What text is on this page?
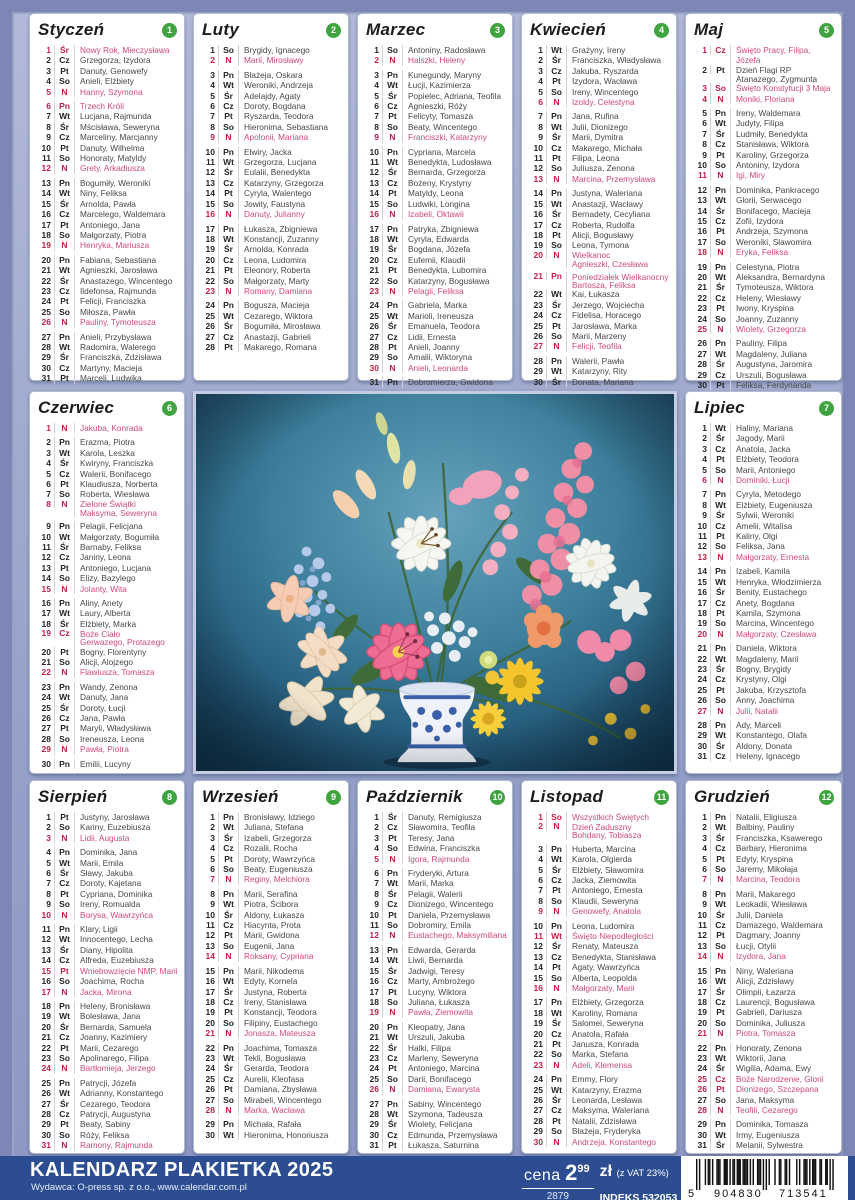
Styczeń	1
1	Śr	Nowy Rok, Mieczysława
2 Cz	Grzegorza, Izydora
3	Pt	Danuty, Genowefy
4 So	Anieli, Elżbiety
5	N	Hanny, Szymona
6 Pn	Trzech Króli
7 Wt	Lucjana, Rajmunda
8	Śr	Mścisława, Seweryna
9 Cz	Marceliny, Marcjanny
10	Pt	Danuty, Wilhelma
11 So	Honoraty, Matyldy
12	N	Grety, Arkadiusza
13 Pn	Bogumiły, Weroniki
14 Wt	Niny, Feliksa
15	Śr	Arnolda, Pawła
16 Cz	Marcelego, Waldemara
17	Pt	Antoniego, Jana
18 So	Małgorzaty, Piotra
19	N	Henryka, Mariusza
20 Pn	Fabiana, Sebastiana
21 Wt	Agnieszki, Jarosława
22	Śr	Anastazego, Wincentego
23 Cz	Ildefonsa, Rajmunda
24	Pt	Felicji, Franciszka
25 So	Miłosza, Pawła
26	N	Pauliny, Tymoteusza
27 Pn	Anieli, Przybysława
28 Wt	Radomira, Walerego
29	Śr	Franciszka, Zdzisława
30 Cz	Martyny, Macieja
31	Pt	Marceli, Ludwika
Luty	2
1 So	Brygidy, Ignacego
2	N	Marii, Mirosławy
3 Pn	Błażeja, Oskara
4 Wt	Weroniki, Andrzeja
5	Śr	Adelajdy, Agaty
6 Cz	Doroty, Bogdana
7	Pt	Ryszarda, Teodora
8 So	Hieronima, Sebastiana
9	N	Apolonii, Mariana
10 Pn	Elwiry, Jacka
11 Wt	Grzegorza, Lucjana
12	Śr	Eulalii, Benedykta
13 Cz	Katarzyny, Grzegorza
14	Pt	Cyryla, Walentego
15 So	Jowity, Faustyna
16	N	Danuty, Julianny
17 Pn	Łukasza, Zbigniewa
18 Wt	Konstancji, Zuzanny
19	Śr	Arnolda, Konrada
20 Cz	Leona, Ludomira
21	Pt	Eleonory, Roberta
22 So	Małgorzaty, Marty
23	N	Romany, Damiana
24 Pn	Bogusza, Macieja
25 Wt	Cezarego, Wiktora
26	Śr	Bogumiła, Mirosława
27 Cz	Anastazji, Gabrieli
28	Pt	Makarego, Romana
Marzec	3
1 So	Antoniny, Radosława
2	N	Halszki, Heleny
3 Pn	Kunegundy, Maryny
4 Wt	Łucji, Kazimierza
5	Śr	Popielec, Adriana, Teofila
6 Cz	Agnieszki, Róży
7	Pt	Felicyty, Tomasza
8 So	Beaty, Wincentego
9	N	Franciszki, Katarzyny
10 Pn	Cypriana, Marcela
11 Wt	Benedykta, Ludosława
12	Śr	Bernarda, Grzegorza
13 Cz	Bożeny, Krystyny
14	Pt	Matyldy, Leona
15 So	Ludwiki, Longina
16	N	Izabeli, Oktawii
17 Pn	Patryka, Zbigniewa
18 Wt	Cyryla, Edwarda
19	Śr	Bogdana, Józefa
20 Cz	Eufemii, Klaudii
21	Pt	Benedykta, Lubomira
22 So	Katarzyny, Bogusława
23	N	Pelagii, Feliksa
24 Pn	Gabriela, Marka
25 Wt	Marioli, Ireneusza
26	Śr	Emanuela, Teodora
27 Cz	Lidii, Ernesta
28	Pt	Anieli, Joanny
29 So	Amalii, Wiktoryna
30	N	Anieli, Leonarda
31 Pn	Dobromierza, Gwidona
Kwiecień	4
1 Wt	Grażyny, Ireny
2	Śr	Franciszka, Władysława
3 Cz	Jakuba, Ryszarda
4	Pt	Izydora, Wacława
5 So	Ireny, Wincentego
6	N	Izoldy, Celestyna
7 Pn	Jana, Rufina
8 Wt	Julii, Dionizego
9	Śr	Marii, Dymitra
10 Cz	Makarego, Michała
11	Pt	Filipa, Leona
12 So	Juliusza, Zenona
13	N	Marcina, Przemysława
14 Pn	Justyna, Waleriana
15 Wt	Anastazji, Wacławy
16	Śr	Bernadety, Cecyliana
17 Cz	Roberta, Rudolfa
18	Pt	Alicji, Bogusławy
19 So	Leona, Tymona
20	N	Wielkanoc
Agnieszki, Czesława
21 Pn	Poniedziałek Wielkanocny
Bartosza, Feliksa
22 Wt	Kai, Łukasza
23	Śr	Jerzego, Wojciecha
24 Cz	Fidelisa, Horacego
25	Pt	Jarosława, Marka
26 So	Marii, Marzeny
27	N	Felicji, Teofila
28 Pn	Walerii, Pawła
29 Wt	Katarzyny, Rity
30	Śr	Donata, Mariana
Maj	5
1 Cz	Święto Pracy, Filipa, Józefa
2	Pt	Dzień Flagi RP
Atanazego, Zygmunta
3 So	Święto Konstytucji 3 Maja
4	N	Moniki, Floriana
5 Pn	Ireny, Waldemara
6 Wt	Judyty, Filipa
7	Śr	Ludmiły, Benedykta
8 Cz	Stanisława, Wiktora
9	Pt	Karoliny, Grzegorza
10 So	Antoniny, Izydora
11	N	Igi, Miry
12 Pn	Dominika, Pankracego
13 Wt	Glorii, Serwacego
14	Śr	Bonifacego, Macieja
15 Cz	Zofii, Izydora
16	Pt	Andrzeja, Szymona
17 So	Weroniki, Sławomira
18	N	Eryka, Feliksa
19 Pn	Celestyna, Piotra
20 Wt	Aleksandra, Bernardyna
21	Śr	Tymoteusza, Wiktora
22 Cz	Heleny, Wiesławy
23	Pt	Iwony, Kryspina
24 So	Joanny, Zuzanny
25	N	Wiolety, Grzegorza
26 Pn	Pauliny, Filipa
27 Wt	Magdaleny, Juliana
28	Śr	Augustyna, Jaromira
29 Cz	Urszuli, Bogusława
30	Pt	Feliksa, Ferdynanda
Czerwiec	6
1	N	Jakuba, Konrada
2 Pn	Erazma, Piotra
3 Wt	Karola, Leszka
4	Śr	Kwiryny, Franciszka
5 Cz	Walerii, Bonifacego
6	Pt	Klaudiusza, Norberta
7 So	Roberta, Wiesława
8	N	Zielone Świątki
Maksyma, Seweryna
9 Pn	Pelagii, Felicjana
10 Wt	Małgorzaty, Bogumiła
11	Śr	Barnaby, Feliksa
12 Cz	Janiny, Leona
13	Pt	Antoniego, Lucjana
14 So	Elizy, Bazylego
15	N	Jolanty, Wita
16 Pn	Aliny, Anety
17 Wt	Laury, Alberta
18	Śr	Elżbiety, Marka
19 Cz	Boże Ciało
Gerwazego, Protazego
20	Pt	Bogny, Florentyny
21 So	Alicji, Alojzego
22	N	Flawiusza, Tomasza
23 Pn	Wandy, Zenona
24 Wt	Danuty, Jana
25	Śr	Doroty, Łucji
26 Cz	Jana, Pawła
27	Pt	Maryli, Władysława
28 So	Ireneusza, Leona
29	N	Pawła, Piotra
30 Pn	Emilii, Lucyny
Lipiec	7
1 Wt	Haliny, Mariana
2	Śr	Jagody, Marii
3 Cz	Anatola, Jacka
4	Pt	Elżbiety, Teodora
5 So	Marii, Antoniego
6	N	Dominiki, Łucji
7 Pn	Cyryla, Metodego
8 Wt	Elżbiety, Eugeniusza
9	Śr	Sylwii, Weroniki
10 Cz	Amelii, Witalisa
11	Pt	Kaliny, Olgi
12 So	Feliksa, Jana
13	N	Małgorzaty, Ernesta
14 Pn	Izabeli, Kamila
15 Wt	Henryka, Włodzimierza
16	Śr	Benity, Eustachego
17 Cz	Anety, Bogdana
18	Pt	Kamila, Szymona
19 So	Marcina, Wincentego
20	N	Małgorzaty, Czesława
21 Pn	Daniela, Wiktora
22 Wt	Magdaleny, Marii
23	Śr	Bogny, Brygidy
24 Cz	Krystyny, Olgi
25	Pt	Jakuba, Krzysztofa
26 So	Anny, Joachima
27	N	Julii, Natalii
28 Pn	Ady, Marceli
29 Wt	Konstantego, Olafa
30	Śr	Aldony, Donata
31 Cz	Heleny, Ignacego
Sierpień	8
1	Pt	Justyny, Jarosława
2 So	Kariny, Euzebiusza
3	N	Lidii, Augusta
4 Pn	Dominika, Jana
5 Wt	Marii, Emila
6	Śr	Sławy, Jakuba
7 Cz	Doroty, Kajetana
8	Pt	Cypriana, Dominika
9 So	Ireny, Romualda
10	N	Borysa, Wawrzyńca
11 Pn	Klary, Ligii
12 Wt	Innocentego, Lecha
13	Śr	Diany, Hipolita
14 Cz	Alfreda, Euzebiusza
15	Pt	Wniebowzięcie NMP, Marii
16 So	Joachima, Rocha
17	N	Jacka, Mirona
18 Pn	Heleny, Bronisława
19 Wt	Bolesława, Jana
20	Śr	Bernarda, Samuela
21 Cz	Joanny, Kazimiery
22	Pt	Marii, Cezarego
23 So	Apolinarego, Filipa
24	N	Bartłomieja, Jerzego
25 Pn	Patrycji, Józefa
26 Wt	Adrianny, Konstantego
27	Śr	Cezarego, Teodora
28 Cz	Patrycji, Augustyna
29	Pt	Beaty, Sabiny
30 So	Róży, Feliksa
31	N	Ramony, Rajmunda
Wrzesień	9
1 Pn	Bronisławy, Idziego
2 Wt	Juliana, Stefana
3	Śr	Izabeli, Grzegorza
4 Cz	Rozalii, Rocha
5	Pt	Doroty, Wawrzyńca
6 So	Beaty, Eugeniusza
7	N	Reginy, Melchiora
8 Pn	Marii, Serafina
9 Wt	Piotra, Ścibora
10	Śr	Aldony, Łukasza
11 Cz	Hiacynta, Prota
12	Pt	Marii, Gwidona
13 So	Eugenii, Jana
14	N	Roksany, Cypriana
15 Pn	Marii, Nikodema
16 Wt	Edyty, Kornela
17	Śr	Justyna, Roberta
18 Cz	Ireny, Stanisława
19	Pt	Konstancji, Teodora
20 So	Filipiny, Eustachego
21	N	Jonasza, Mateusza
22 Pn	Joachima, Tomasza
23 Wt	Tekli, Bogusława
24	Śr	Gerarda, Teodora
25 Cz	Aurelii, Kleofasa
26	Pt	Damiana, Zbysława
27 So	Mirabeli, Wincentego
28	N	Marka, Wacława
29 Pn	Michała, Rafała
30 Wt	Hieronima, Honoriusza
Październik	10
1	Śr	Danuty, Remigiusza
2 Cz	Sławomira, Teofila
3	Pt	Teresy, Jana
4 So	Edwina, Franciszka
5	N	Igora, Rajmunda
6 Pn	Fryderyki, Artura
7 Wt	Marii, Marka
8	Śr	Pelagii, Walerii
9 Cz	Dionizego, Wincentego
10	Pt	Daniela, Przemysława
11 So	Dobromiry, Emila
12	N	Eustachego, Maksymiliana
13 Pn	Edwarda, Gerarda
14 Wt	Liwii, Bernarda
15	Śr	Jadwigi, Teresy
16 Cz	Marty, Ambrożego
17	Pt	Lucyny, Wiktora
18 So	Juliana, Łukasza
19	N	Pawła, Ziemowita
20 Pn	Kleopatry, Jana
21 Wt	Urszuli, Jakuba
22	Śr	Halki, Filipa
23 Cz	Marleny, Seweryna
24	Pt	Antoniego, Marcina
25 So	Darii, Bonifacego
26	N	Damiana, Ewarysta
27 Pn	Sabiny, Wincentego
28 Wt	Szymona, Tadeusza
29	Śr	Wiolety, Felicjana
30 Cz	Edmunda, Przemysława
31	Pt	Łukasza, Saturnina
Listopad	11
1 So	Wszystkich Świętych
2	N	Dzień Zaduszny
Bohdany, Tobiasza
3 Pn	Huberta, Marcina
4 Wt	Karola, Olgierda
5	Śr	Elżbiety, Sławomira
6 Cz	Jacka, Ziemowita
7	Pt	Antoniego, Ernesta
8 So	Klaudii, Seweryna
9	N	Genowefy, Anatola
10 Pn	Leona, Ludomira
11 Wt	Święto Niepodległości
12	Śr	Renaty, Mateusza
13 Cz	Benedykta, Stanisława
14	Pt	Agaty, Wawrzyńca
15 So	Alberta, Leopolda
16	N	Małgorzaty, Marii
17 Pn	Elżbiety, Grzegorza
18 Wt	Karoliny, Romana
19	Śr	Salomei, Seweryna
20 Cz	Anatola, Rafała
21	Pt	Janusza, Konrada
22 So	Marka, Stefana
23	N	Adeli, Klemensa
24 Pn	Emmy, Flory
25 Wt	Katarzyny, Erazma
26	Śr	Leonarda, Lesława
27 Cz	Maksyma, Waleriana
28	Pt	Natalii, Zdzisława
29 So	Błażeja, Fryderyka
30	N	Andrzeja, Konstantego
Grudzień	12
1 Pn	Natalii, Eligiusza
2 Wt	Balbiny, Pauliny
3	Śr	Franciszka, Ksawerego
4 Cz	Barbary, Hieronima
5	Pt	Edyty, Kryspina
6 So	Jaremy, Mikołaja
7	N	Marcina, Teodora
8 Pn	Marii, Makarego
9 Wt	Leokadii, Wiesława
10	Śr	Julii, Daniela
11 Cz	Damazego, Waldemara
12	Pt	Dagmary, Joanny
13 So	Łucji, Otylii
14	N	Izydora, Jana
15 Pn	Niny, Waleriana
16 Wt	Alicji, Zdzisławy
17	Śr	Olimpii, Łazarza
18 Cz	Laurencji, Bogusława
19	Pt	Gabrieli, Dariusza
20 So	Dominika, Juliusza
21	N	Piotra, Tomasza
22 Pn	Honoraty, Zenona
23 Wt	Wiktorii, Jana
24	Śr	Wigilia, Adama, Ewy
25 Cz	Boże Narodzenie, Glorii
26	Pt	Dionizego, Szczepana
27 So	Jana, Maksyma
28	N	Teofili, Cezarego
29 Pn	Dominika, Tomasza
30 Wt	Irmy, Eugeniusza
31	Śr	Melanii, Sylwestra
KALENDARZ PLAKIETKA 2025
Wydawca: O-press sp. z o.o., www.calendar.com.pl
cena $2^{99}$ zł (z VAT 23%)
2879	INDEKS 532053 5 904830 713541
